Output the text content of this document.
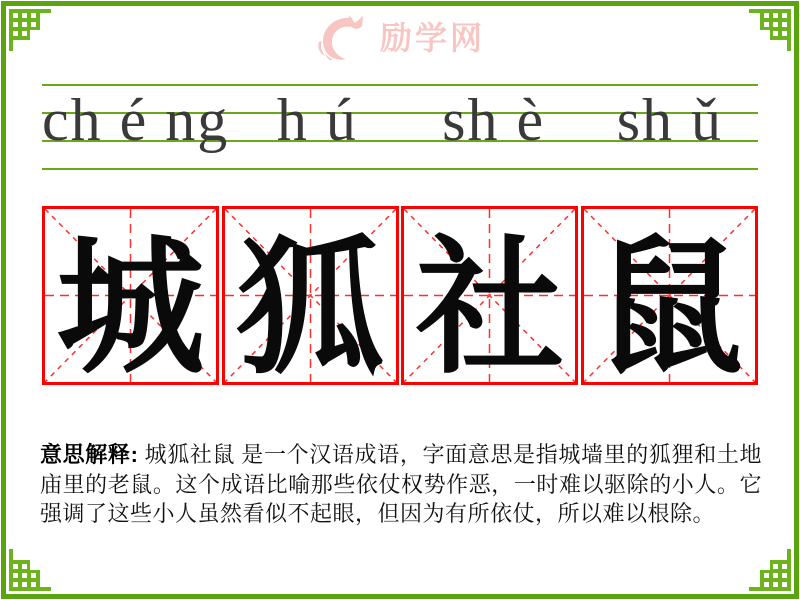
励学网
ch é ng h ú	sh è	sh ǔ
城 狐 社 鼠
意思解释: 城狐社鼠 是一个汉语成语，字面意思是指城墙里的狐狸和土地庙里的老鼠。这个成语比喻那些依仗权势作恶，一时难以驱除的小人。它强调了这些小人虽然看似不起眼，但因为有所依仗，所以难以根除。
